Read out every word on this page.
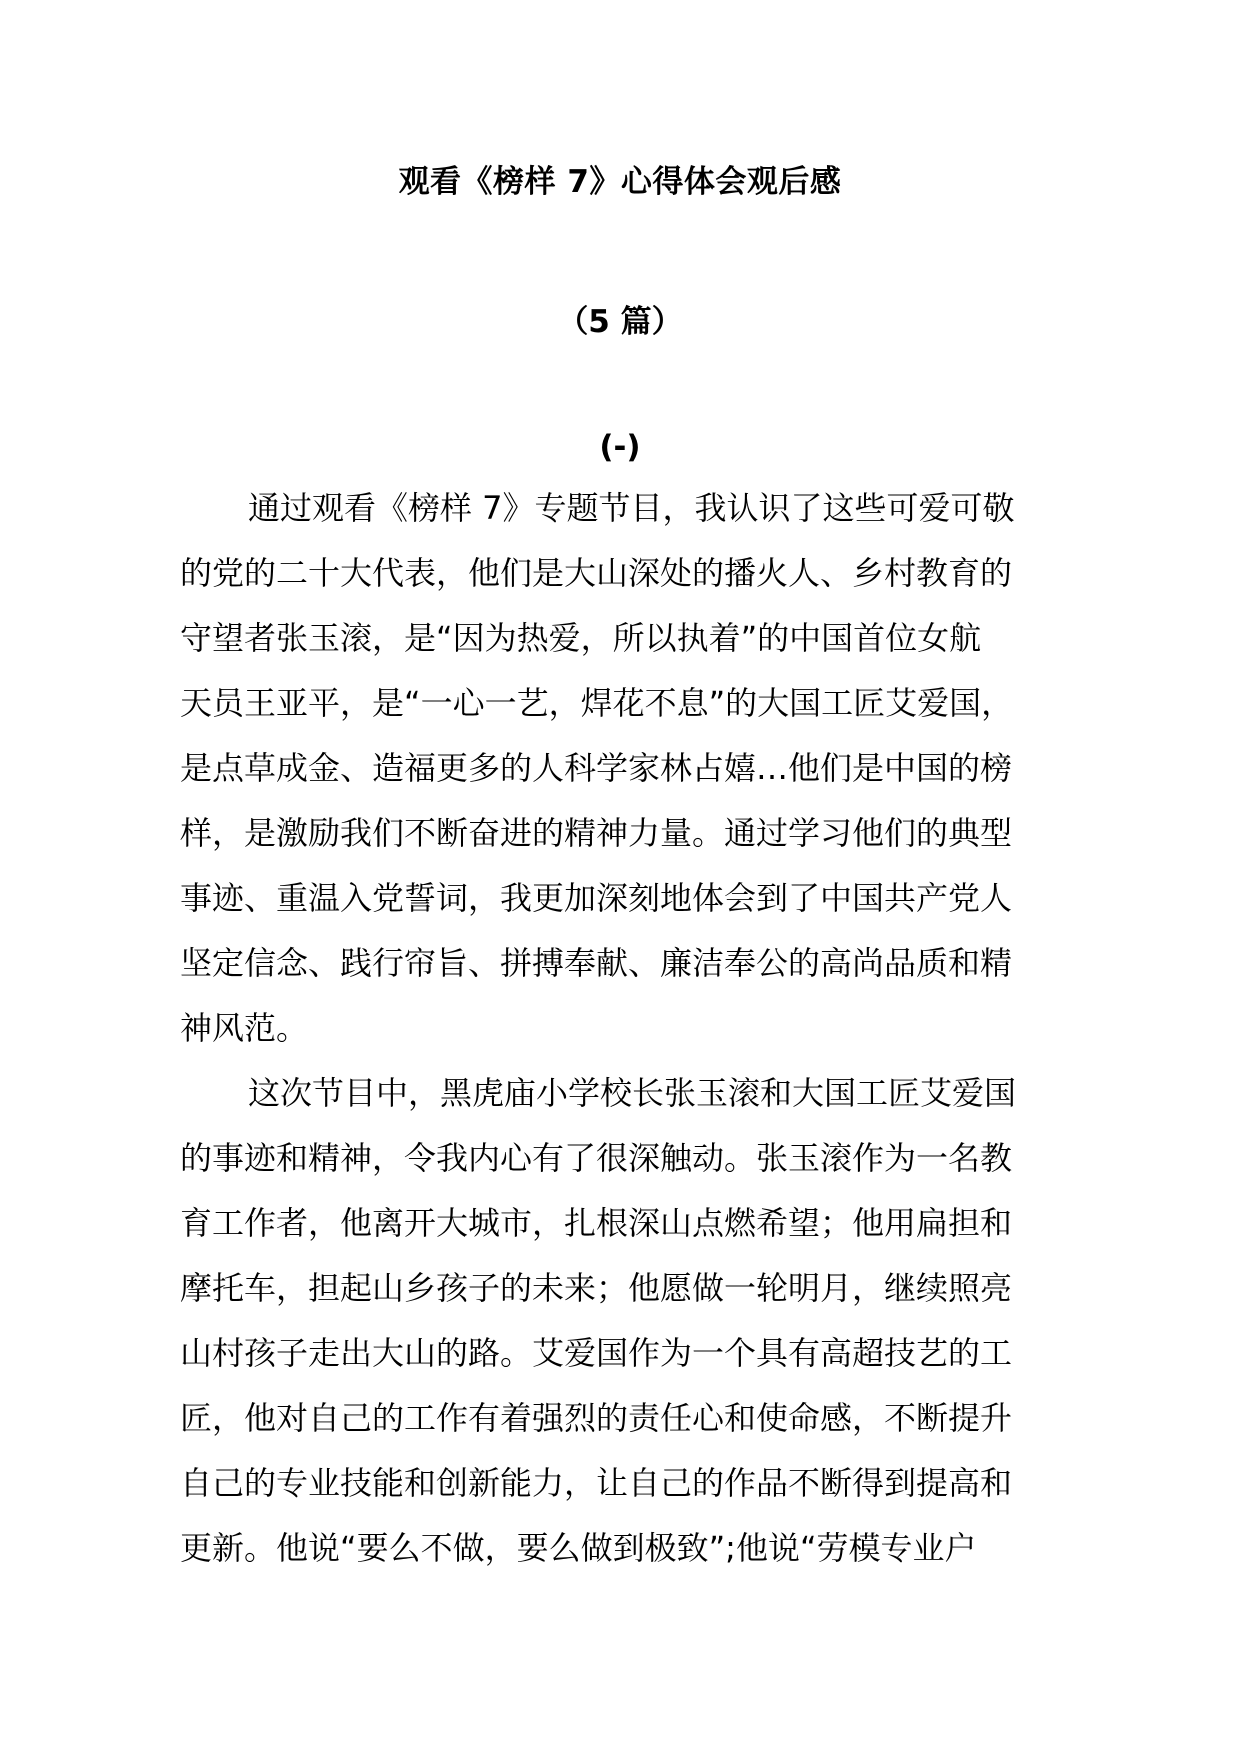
观看《榜样 7》心得体会观后感
（5 篇）
(-)
通过观看《榜样 7》专题节目，我认识了这些可爱可敬
的党的二十大代表，他们是大山深处的播火人、乡村教育的
守望者张玉滚，是“因为热爱，所以执着”的中国首位女航
天员王亚平，是“一心一艺，焊花不息”的大国工匠艾爱国，
是点草成金、造福更多的人科学家林占嬉…他们是中国的榜
样，是激励我们不断奋进的精神力量。通过学习他们的典型
事迹、重温入党誓词，我更加深刻地体会到了中国共产党人
坚定信念、践行帘旨、拼搏奉献、廉洁奉公的高尚品质和精
神风范。
这次节目中，黑虎庙小学校长张玉滚和大国工匠艾爱国
的事迹和精神，令我内心有了很深触动。张玉滚作为一名教
育工作者，他离开大城市，扎根深山点燃希望；他用扁担和
摩托车，担起山乡孩子的未来；他愿做一轮明月，继续照亮
山村孩子走出大山的路。艾爱国作为一个具有高超技艺的工
匠，他对自己的工作有着强烈的责任心和使命感，不断提升
自己的专业技能和创新能力，让自己的作品不断得到提高和
更新。他说“要么不做，要么做到极致”;他说“劳模专业户
